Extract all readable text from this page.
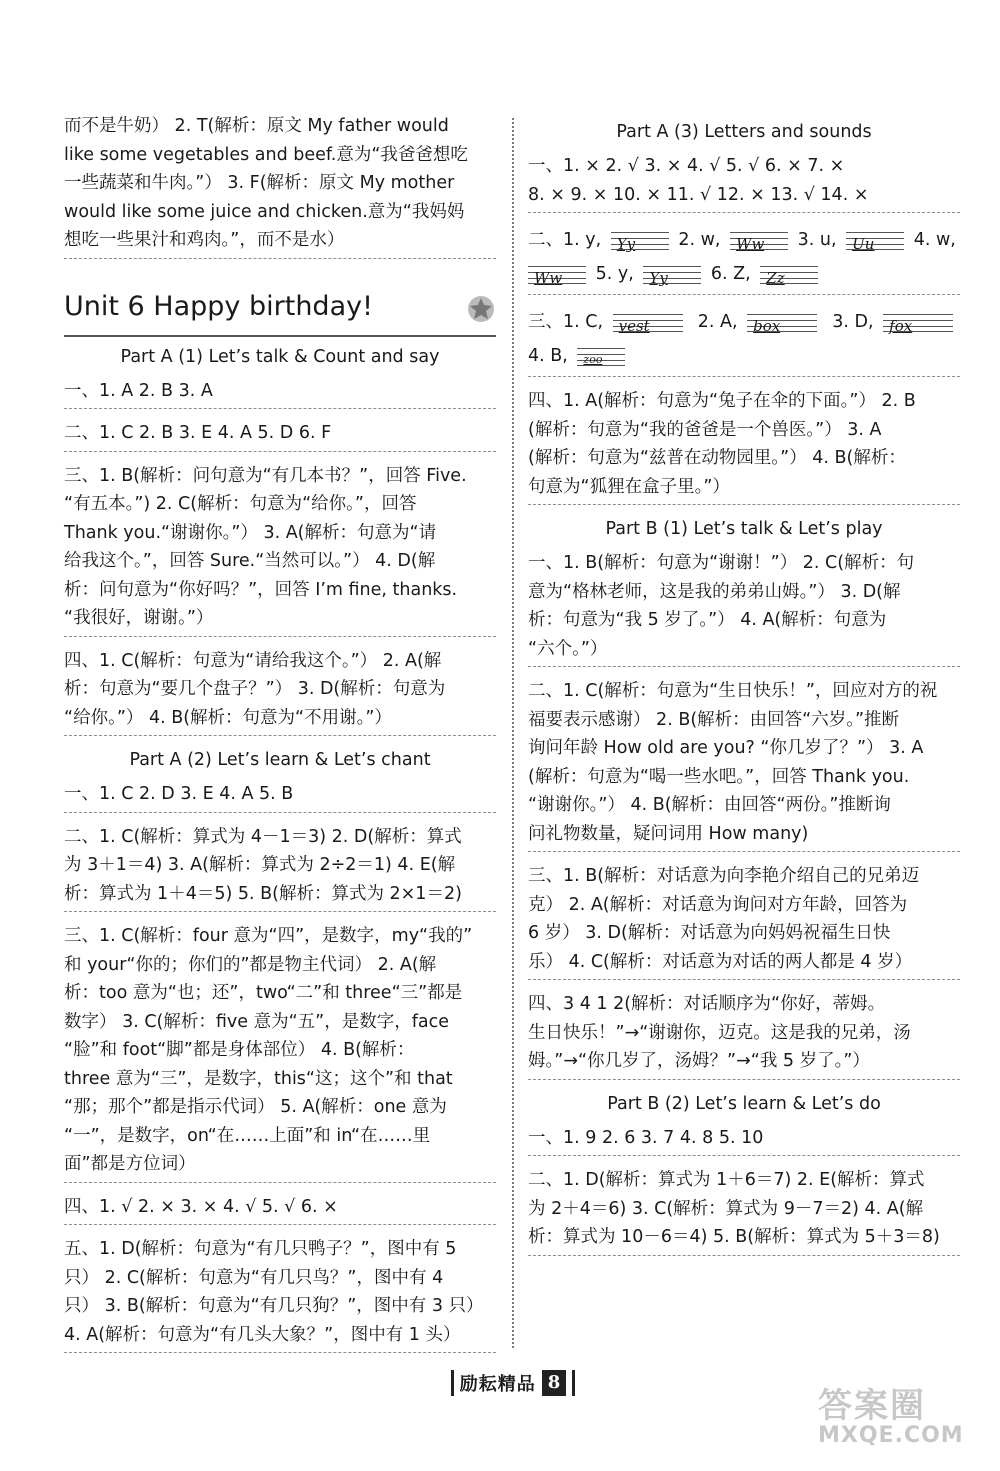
而不是牛奶） 2. T(解析：原文 My father would
like some vegetables and beef.意为“我爸爸想吃
一些蔬菜和牛肉。”） 3. F(解析：原文 My mother
would like some juice and chicken.意为“我妈妈
想吃一些果汁和鸡肉。”，而不是水）
Unit 6 Happy birthday!
Part A (1) Let’s talk & Count and say
一、1. A 2. B 3. A
二、1. C 2. B 3. E 4. A 5. D 6. F
三、1. B(解析：问句意为“有几本书？”，回答 Five.
“有五本。”) 2. C(解析：句意为“给你。”，回答
Thank you.“谢谢你。”） 3. A(解析：句意为“请
给我这个。”，回答 Sure.“当然可以。”） 4. D(解
析：问句意为“你好吗？”，回答 I’m fine, thanks.
“我很好，谢谢。”）
四、1. C(解析：句意为“请给我这个。”） 2. A(解
析：句意为“要几个盘子？”） 3. D(解析：句意为
“给你。”） 4. B(解析：句意为“不用谢。”）
Part A (2) Let’s learn & Let’s chant
一、1. C 2. D 3. E 4. A 5. B
二、1. C(解析：算式为 4－1＝3) 2. D(解析：算式
为 3＋1＝4) 3. A(解析：算式为 2÷2＝1) 4. E(解
析：算式为 1＋4＝5) 5. B(解析：算式为 2×1＝2)
三、1. C(解析：four 意为“四”，是数字，my“我的”
和 your“你的；你们的”都是物主代词） 2. A(解
析：too 意为“也；还”，two“二”和 three“三”都是
数字） 3. C(解析：five 意为“五”，是数字，face
“脸”和 foot“脚”都是身体部位） 4. B(解析：
three 意为“三”，是数字，this“这；这个”和 that
“那；那个”都是指示代词） 5. A(解析：one 意为
“一”，是数字，on“在……上面”和 in“在……里
面”都是方位词）
四、1. √ 2. × 3. × 4. √ 5. √ 6. ×
五、1. D(解析：句意为“有几只鸭子？”，图中有 5
只） 2. C(解析：句意为“有几只鸟？”，图中有 4
只） 3. B(解析：句意为“有几只狗？”，图中有 3 只）
4. A(解析：句意为“有几头大象？”，图中有 1 头）
Part A (3) Letters and sounds
一、1. × 2. √ 3. × 4. √ 5. √ 6. × 7. ×
8. × 9. × 10. × 11. √ 12. × 13. √ 14. ×
二、1. y, Yy 2. w, Ww 3. u, Uu 4. w,
Ww 5. y, Yy 6. Z, Zz
三、1. C, vest	2. A, box	3. D, fox
4. B, zoo
四、1. A(解析：句意为“兔子在伞的下面。”） 2. B
(解析：句意为“我的爸爸是一个兽医。”） 3. A
(解析：句意为“兹普在动物园里。”） 4. B(解析：
句意为“狐狸在盒子里。”）
Part B (1) Let’s talk & Let’s play
一、1. B(解析：句意为“谢谢！”） 2. C(解析：句
意为“格林老师，这是我的弟弟山姆。”） 3. D(解
析：句意为“我 5 岁了。”） 4. A(解析：句意为
“六个。”）
二、1. C(解析：句意为“生日快乐！”，回应对方的祝
福要表示感谢） 2. B(解析：由回答“六岁。”推断
询问年龄 How old are you? “你几岁了？”） 3. A
(解析：句意为“喝一些水吧。”，回答 Thank you.
“谢谢你。”） 4. B(解析：由回答“两份。”推断询
问礼物数量，疑问词用 How many)
三、1. B(解析：对话意为向李艳介绍自己的兄弟迈
克） 2. A(解析：对话意为询问对方年龄，回答为
6 岁） 3. D(解析：对话意为向妈妈祝福生日快
乐） 4. C(解析：对话意为对话的两人都是 4 岁）
四、3 4 1 2(解析：对话顺序为“你好，蒂姆。
生日快乐！”→“谢谢你，迈克。这是我的兄弟，汤
姆。”→“你几岁了，汤姆？”→“我 5 岁了。”）
Part B (2) Let’s learn & Let’s do
一、1. 9 2. 6 3. 7 4. 8 5. 10
二、1. D(解析：算式为 1＋6＝7) 2. E(解析：算式
为 2＋4＝6) 3. C(解析：算式为 9－7＝2) 4. A(解
析：算式为 10－6＝4) 5. B(解析：算式为 5＋3＝8)
励耘精品 8
答案圈
MXQE.COM
